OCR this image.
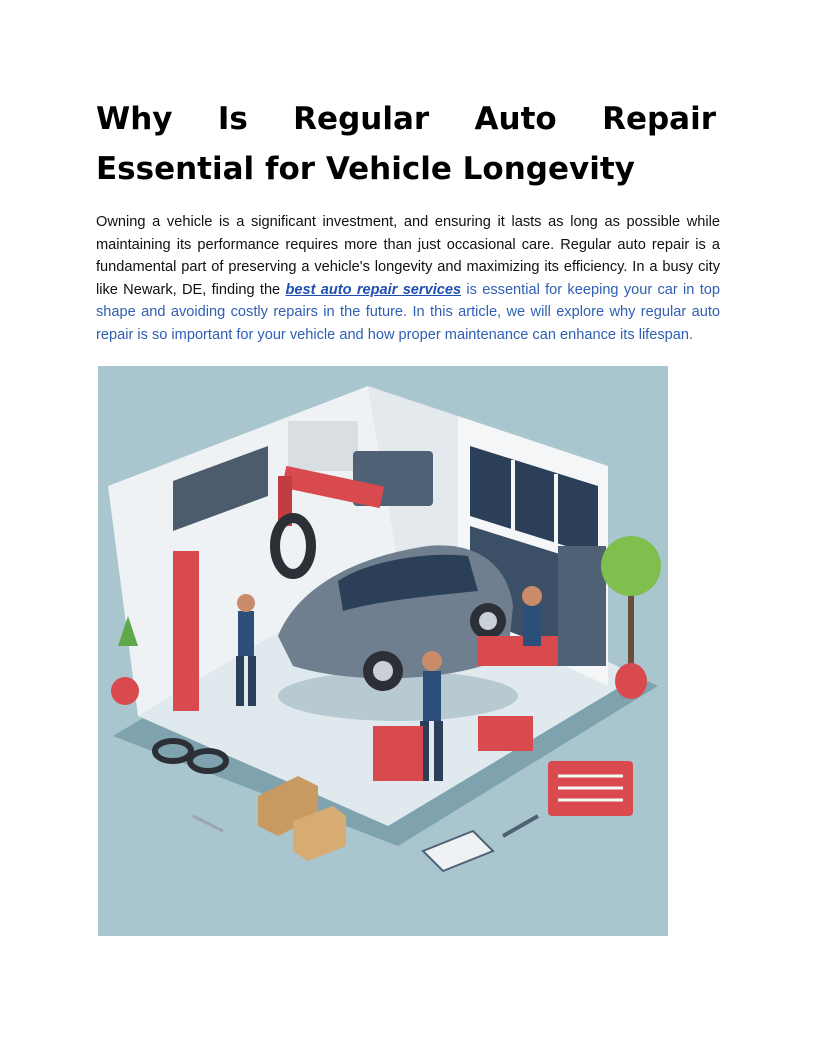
Why Is Regular Auto Repair Essential for Vehicle Longevity

Owning a vehicle is a significant investment, and ensuring it lasts as long as possible while maintaining its performance requires more than just occasional care. Regular auto repair is a fundamental part of preserving a vehicle's longevity and maximizing its efficiency. In a busy city like Newark, DE, finding the best auto repair services is essential for keeping your car in top shape and avoiding costly repairs in the future. In this article, we will explore why regular auto repair is so important for your vehicle and how proper maintenance can enhance its lifespan.
